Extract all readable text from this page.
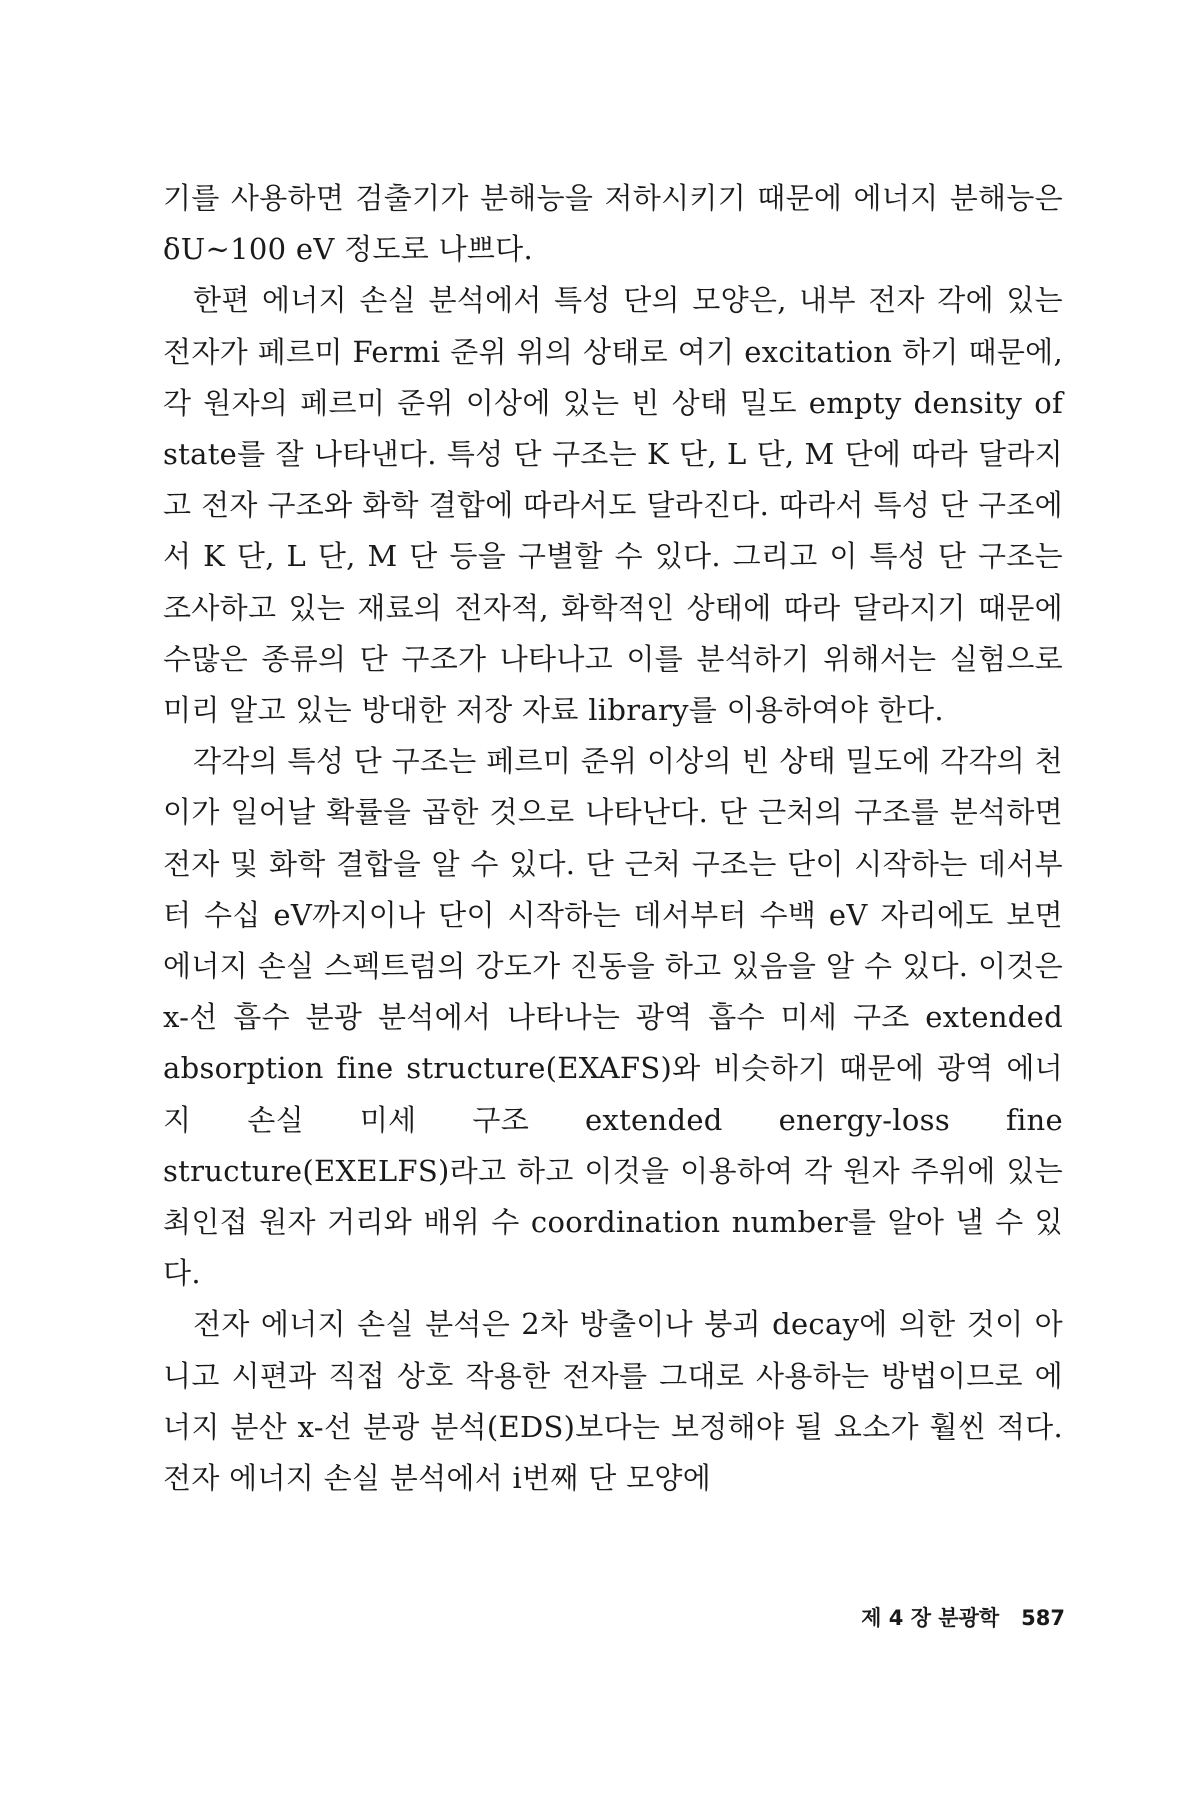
기를 사용하면 검출기가 분해능을 저하시키기 때문에 에너지 분해능은 δU∼100 eV 정도로 나쁘다.

한편 에너지 손실 분석에서 특성 단의 모양은, 내부 전자 각에 있는 전자가 페르미 Fermi 준위 위의 상태로 여기 excitation 하기 때문에, 각 원자의 페르미 준위 이상에 있는 빈 상태 밀도 empty density of state를 잘 나타낸다. 특성 단 구조는 K 단, L 단, M 단에 따라 달라지고 전자 구조와 화학 결합에 따라서도 달라진다. 따라서 특성 단 구조에서 K 단, L 단, M 단 등을 구별할 수 있다. 그리고 이 특성 단 구조는 조사하고 있는 재료의 전자적, 화학적인 상태에 따라 달라지기 때문에 수많은 종류의 단 구조가 나타나고 이를 분석하기 위해서는 실험으로 미리 알고 있는 방대한 저장 자료 library를 이용하여야 한다.

각각의 특성 단 구조는 페르미 준위 이상의 빈 상태 밀도에 각각의 천이가 일어날 확률을 곱한 것으로 나타난다. 단 근처의 구조를 분석하면 전자 및 화학 결합을 알 수 있다. 단 근처 구조는 단이 시작하는 데서부터 수십 eV까지이나 단이 시작하는 데서부터 수백 eV 자리에도 보면 에너지 손실 스펙트럼의 강도가 진동을 하고 있음을 알 수 있다. 이것은 x-선 흡수 분광 분석에서 나타나는 광역 흡수 미세 구조 extended absorption fine structure(EXAFS)와 비슷하기 때문에 광역 에너지 손실 미세 구조 extended energy-loss fine structure(EXELFS)라고 하고 이것을 이용하여 각 원자 주위에 있는 최인접 원자 거리와 배위 수 coordination number를 알아 낼 수 있다.

전자 에너지 손실 분석은 2차 방출이나 붕괴 decay에 의한 것이 아니고 시편과 직접 상호 작용한 전자를 그대로 사용하는 방법이므로 에너지 분산 x-선 분광 분석(EDS)보다는 보정해야 될 요소가 훨씬 적다. 전자 에너지 손실 분석에서 i번째 단 모양에

제 4 장 분광학 587
